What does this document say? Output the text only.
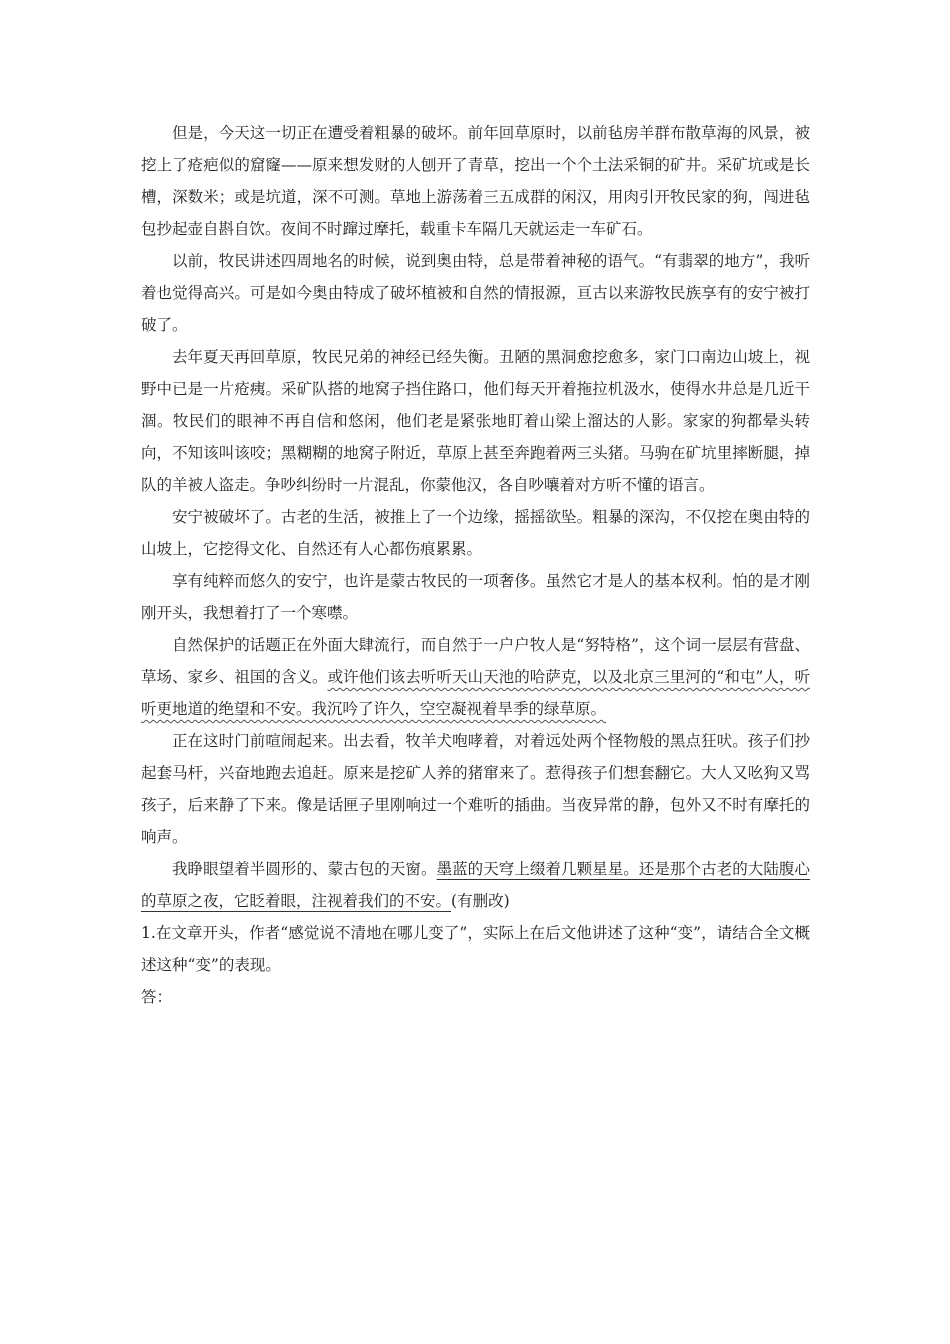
但是，今天这一切正在遭受着粗暴的破坏。前年回草原时，以前毡房羊群布散草海的风景，被挖上了疮疤似的窟窿——原来想发财的人刨开了青草，挖出一个个土法采铜的矿井。采矿坑或是长槽，深数米；或是坑道，深不可测。草地上游荡着三五成群的闲汉，用肉引开牧民家的狗，闯进毡包抄起壶自斟自饮。夜间不时蹿过摩托，载重卡车隔几天就运走一车矿石。

以前，牧民讲述四周地名的时候，说到奥由特，总是带着神秘的语气。“有翡翠的地方”，我听着也觉得高兴。可是如今奥由特成了破坏植被和自然的情报源，亘古以来游牧民族享有的安宁被打破了。

去年夏天再回草原，牧民兄弟的神经已经失衡。丑陋的黑洞愈挖愈多，家门口南边山坡上，视野中已是一片疮痍。采矿队搭的地窝子挡住路口，他们每天开着拖拉机汲水，使得水井总是几近干涸。牧民们的眼神不再自信和悠闲，他们老是紧张地盯着山梁上溜达的人影。家家的狗都晕头转向，不知该叫该咬；黑糊糊的地窝子附近，草原上甚至奔跑着两三头猪。马驹在矿坑里摔断腿，掉队的羊被人盗走。争吵纠纷时一片混乱，你蒙他汉，各自吵嚷着对方听不懂的语言。

安宁被破坏了。古老的生活，被推上了一个边缘，摇摇欲坠。粗暴的深沟，不仅挖在奥由特的山坡上，它挖得文化、自然还有人心都伤痕累累。

享有纯粹而悠久的安宁，也许是蒙古牧民的一项奢侈。虽然它才是人的基本权利。怕的是才刚刚开头，我想着打了一个寒噤。

自然保护的话题正在外面大肆流行，而自然于一户户牧人是“努特格”，这个词一层层有营盘、草场、家乡、祖国的含义。或许他们该去听听天山天池的哈萨克，以及北京三里河的“和屯”人，听听更地道的绝望和不安。我沉吟了许久，空空凝视着旱季的绿草原。

正在这时门前喧闹起来。出去看，牧羊犬咆哮着，对着远处两个怪物般的黑点狂吠。孩子们抄起套马杆，兴奋地跑去追赶。原来是挖矿人养的猪窜来了。惹得孩子们想套翻它。大人又吆狗又骂孩子，后来静了下来。像是话匣子里刚响过一个难听的插曲。当夜异常的静，包外又不时有摩托的响声。

我睁眼望着半圆形的、蒙古包的天窗。墨蓝的天穹上缀着几颗星星。还是那个古老的大陆腹心的草原之夜，它眨着眼，注视着我们的不安。(有删改)

1.在文章开头，作者“感觉说不清地在哪儿变了”，实际上在后文他讲述了这种“变”，请结合全文概述这种“变”的表现。

答：
